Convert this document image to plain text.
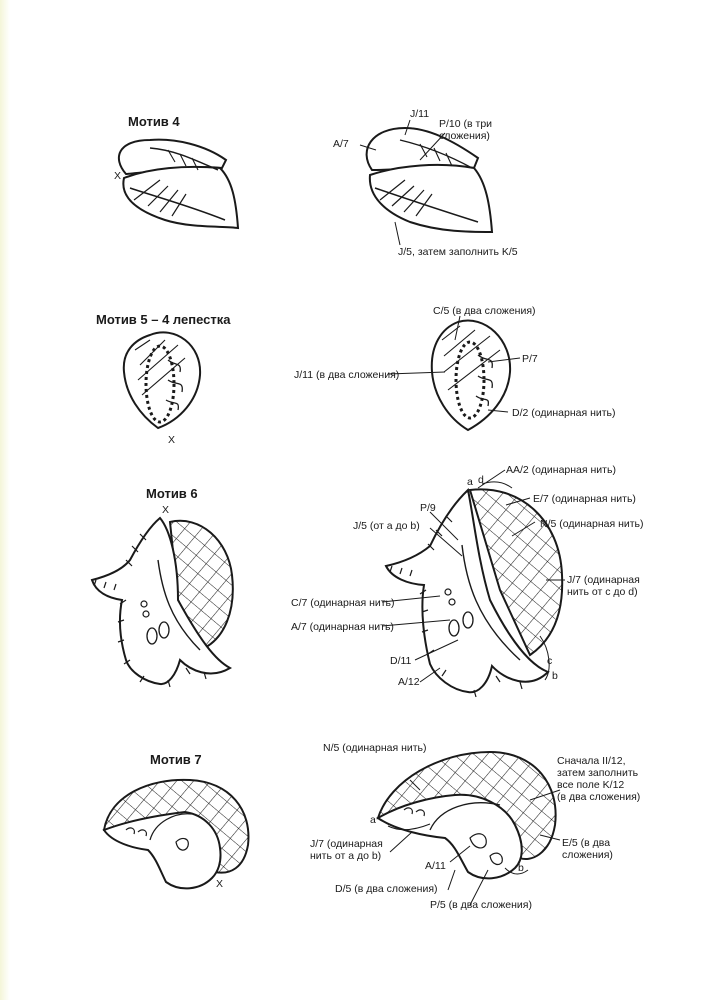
Мотив 4
Мотив 5 – 4 лепестка
Мотив 6
Мотив 7
X
X
X
X
J/11
P/10 (в три
сложения)
A/7
J/5, затем заполнить K/5
C/5 (в два сложения)
P/7
J/11 (в два сложения)
D/2 (одинарная нить)
a d
AA/2 (одинарная нить)
P/9
E/7 (одинарная нить)
J/5 (от a до b)	N/5 (одинарная нить)
J/7 (одинарная
нить от c до d)
C/7 (одинарная нить)
A/7 (одинарная нить)
D/11
A/12
c
b
N/5 (одинарная нить)
Сначала II/12,
затем заполнить
все поле K/12
(в два сложения)
a
J/7 (одинарная
нить от a до b)
E/5 (в два
сложения)
A/11	b
D/5 (в два сложения)
P/5 (в два сложения)
